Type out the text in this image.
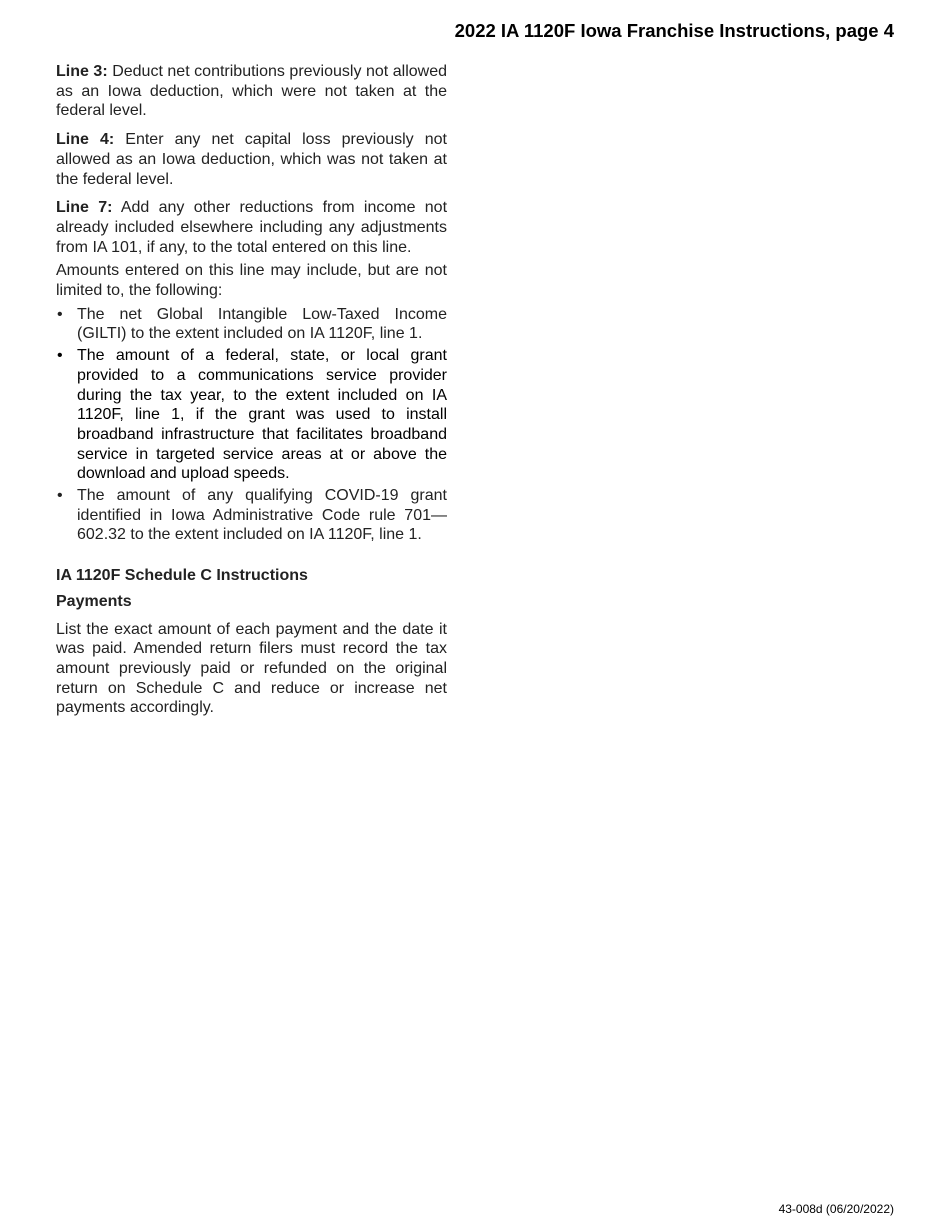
2022 IA 1120F Iowa Franchise Instructions, page 4

Line 3: Deduct net contributions previously not allowed as an Iowa deduction, which were not taken at the federal level.

Line 4: Enter any net capital loss previously not allowed as an Iowa deduction, which was not taken at the federal level.

Line 7: Add any other reductions from income not already included elsewhere including any adjustments from IA 101, if any, to the total entered on this line.

Amounts entered on this line may include, but are not limited to, the following:

• The net Global Intangible Low-Taxed Income (GILTI) to the extent included on IA 1120F, line 1.
• The amount of a federal, state, or local grant provided to a communications service provider during the tax year, to the extent included on IA 1120F, line 1, if the grant was used to install broadband infrastructure that facilitates broadband service in targeted service areas at or above the download and upload speeds.
• The amount of any qualifying COVID-19 grant identified in Iowa Administrative Code rule 701—602.32 to the extent included on IA 1120F, line 1.
IA 1120F Schedule C Instructions
Payments

List the exact amount of each payment and the date it was paid. Amended return filers must record the tax amount previously paid or refunded on the original return on Schedule C and reduce or increase net payments accordingly.

43-008d (06/20/2022)
